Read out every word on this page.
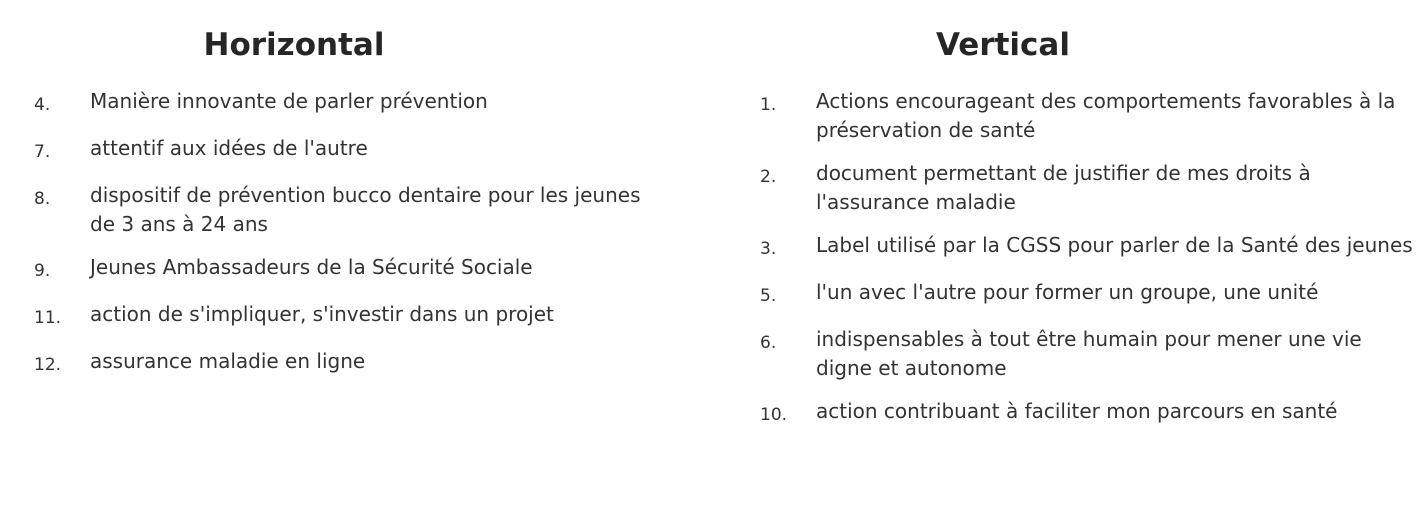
Horizontal
4.	Manière innovante de parler prévention
7.	attentif aux idées de l'autre
8.	dispositif de prévention bucco dentaire pour les jeunes de 3 ans à 24 ans
9.	Jeunes Ambassadeurs de la Sécurité Sociale
11.	action de s'impliquer, s'investir dans un projet
12.	assurance maladie en ligne
Vertical
1.	Actions encourageant des comportements favorables à la préservation de santé
2.	document permettant de justifier de mes droits à l'assurance maladie
3.	Label utilisé par la CGSS pour parler de la Santé des jeunes
5.	l'un avec l'autre pour former un groupe, une unité
6.	indispensables à tout être humain pour mener une vie digne et autonome
10.	action contribuant à faciliter mon parcours en santé
